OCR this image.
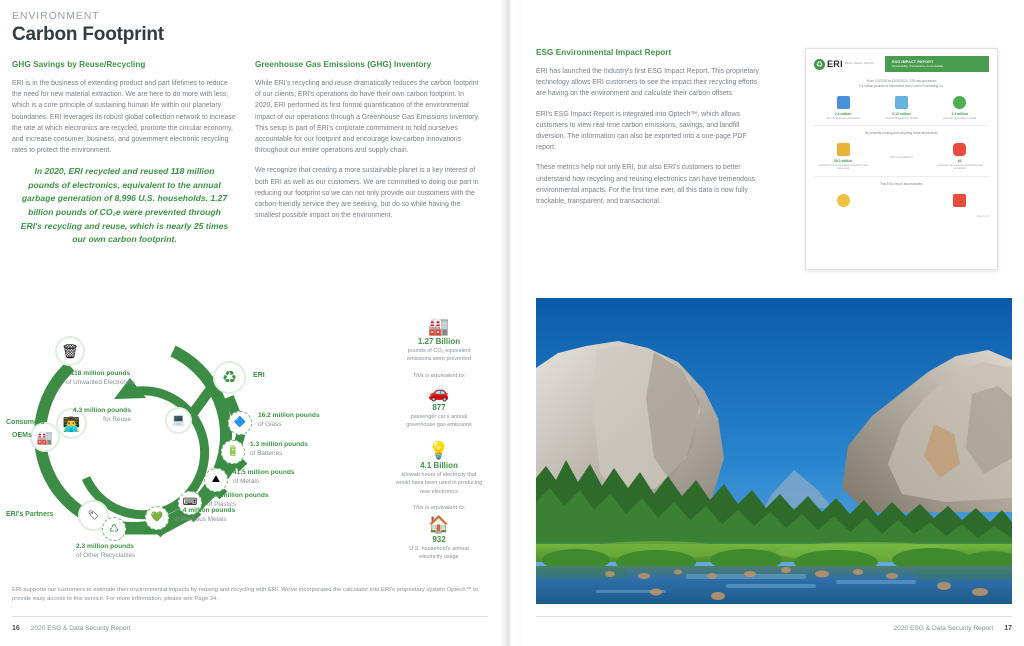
ENVIRONMENT
Carbon Footprint
GHG Savings by Reuse/Recycling
ERI is in the business of extending product and part lifetimes to reduce the need for new material extraction. We are here to do more with less, which is a core principle of sustaining human life within our planetary boundaries. ERI leverages its robust global collection network to increase the rate at which electronics are recycled, promote the circular economy, and increase consumer, business, and government electronic recycling rates to protect the environment.
In 2020, ERI recycled and reused 118 million pounds of electronics, equivalent to the annual garbage generation of 8,996 U.S. households. 1.27 billion pounds of CO₂e were prevented through ERI's recycling and reuse, which is nearly 25 times our own carbon footprint.
Greenhouse Gas Emissions (GHG) Inventory
While ERI's recycling and reuse dramatically reduces the carbon footprint of our clients, ERI's operations do have their own carbon footprint. In 2020, ERI performed its first formal quantification of the environmental impact of our operations through a Greenhouse Gas Emissions Inventory. This setup is part of ERI's corporate commitment to hold ourselves accountable for our footprint and encourage low-carbon innovations throughout our entire operations and supply chain.
We recognize that creating a more sustainable planet is a key interest of both ERI as well as our customers. We are committed to doing our part in reducing our footprint so we can not only provide our customers with the carbon-friendly service they are seeking, but do so while having the smallest possible impact on the environment.
🗑
👨‍💻
🏭
🏷
♻
💻	🔷
🔋
⛰
⌨
💚
♺
Consumers
OEMs
ERI's Partners
ERI
118 million pounds
of Unwanted Electronics
4.3 million pounds
for Reuse
16.2 million pounds
of Glass
1.3 million pounds
of Batteries
41.5 million pounds
of Metals
23.1 million pounds
of Plastics
11.4 million pounds
of Precious Metals
2.3 million pounds
of Other Recyclables
🏭
1.27 Billion
pounds of CO₂ equivalent
emissions were prevented
This is equivalent to:
🚗
877
passenger car's annual
greenhouse gas emissions
💡
4.1 Billion
kilowatt hours of electricity that
would have been used in producing
new electronics
This is equivalent to:
🏠
932
U.S. household's annual
electricity usage
ERI supports our customers to estimate their environmental impacts by reusing and recycling with ERI. We've incorporated the calculator into ERI's proprietary system Optech™ to provide easy access to this service. For more information, please see Page 34.
16 2020 ESG & Data Security Report
ESG Environmental Impact Report
ERI has launched the industry's first ESG Impact Report. This proprietary technology allows ERI customers to see the impact their recycling efforts are having on the environment and calculate their carbon offsets.
ERI's ESG Impact Report is integrated into Optech™, which allows customers to view real-time carbon emissions, savings, and landfill diversion. The information can also be exported into a one-page PDF report.
These metrics help not only ERI, but also ERI's customers to better understand how recycling and reusing electronics can have tremendous environmental impacts. For the first time ever, all this data is now fully trackable, transparent, and transactional.
♻
ERI Reuse. Reduce. Recycle.	ESG IMPACT REPORT
Sustainability, Transparency, Accountability
From 1/1/2020 to 12/31/2020, ERI has processed
2.4 million pounds of electronics from Lorem Processing Co.
2.4 million
lbs. of electronics processed
0.12 million
pounds diverted from landfill
2.4 million
pounds responsibly recycled
By properly reusing and recycling these electronics:
28.3 million
pounds of CO₂e equivalent emissions were prevented
This is equivalent to:
62
passenger car's annual greenhouse gas emissions
This ESG report also includes:
Page 1 of 1
2020 ESG & Data Security Report 17
